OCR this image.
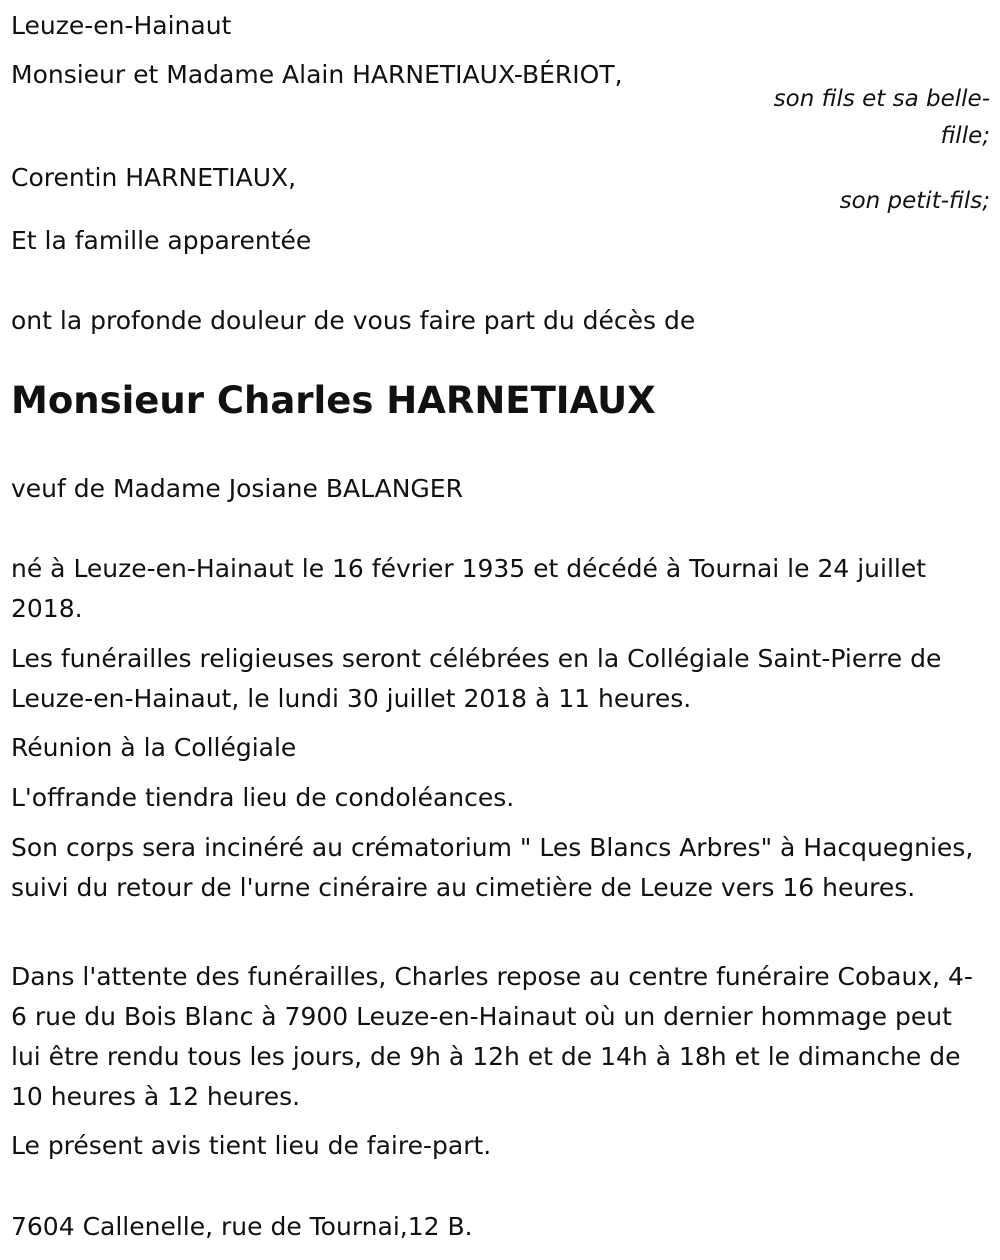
Leuze-en-Hainaut
Monsieur et Madame Alain HARNETIAUX-BÉRIOT,
son fils et sa belle-fille;
Corentin HARNETIAUX,
son petit-fils;
Et la famille apparentée
ont la profonde douleur de vous faire part du décès de
Monsieur Charles HARNETIAUX
veuf de Madame Josiane BALANGER
né à Leuze-en-Hainaut le 16 février 1935 et décédé à Tournai le 24 juillet 2018.
Les funérailles religieuses seront célébrées en la Collégiale Saint-Pierre de Leuze-en-Hainaut, le lundi 30 juillet 2018 à 11 heures.
Réunion à la Collégiale
L'offrande tiendra lieu de condoléances.
Son corps sera incinéré au crématorium " Les Blancs Arbres" à Hacquegnies, suivi du retour de l'urne cinéraire au cimetière de Leuze vers 16 heures.
Dans l'attente des funérailles, Charles repose au centre funéraire Cobaux, 4-6 rue du Bois Blanc à 7900 Leuze-en-Hainaut où un dernier hommage peut lui être rendu tous les jours, de 9h à 12h et de 14h à 18h et le dimanche de 10 heures à 12 heures.
Le présent avis tient lieu de faire-part.
7604 Callenelle, rue de Tournai,12 B.
